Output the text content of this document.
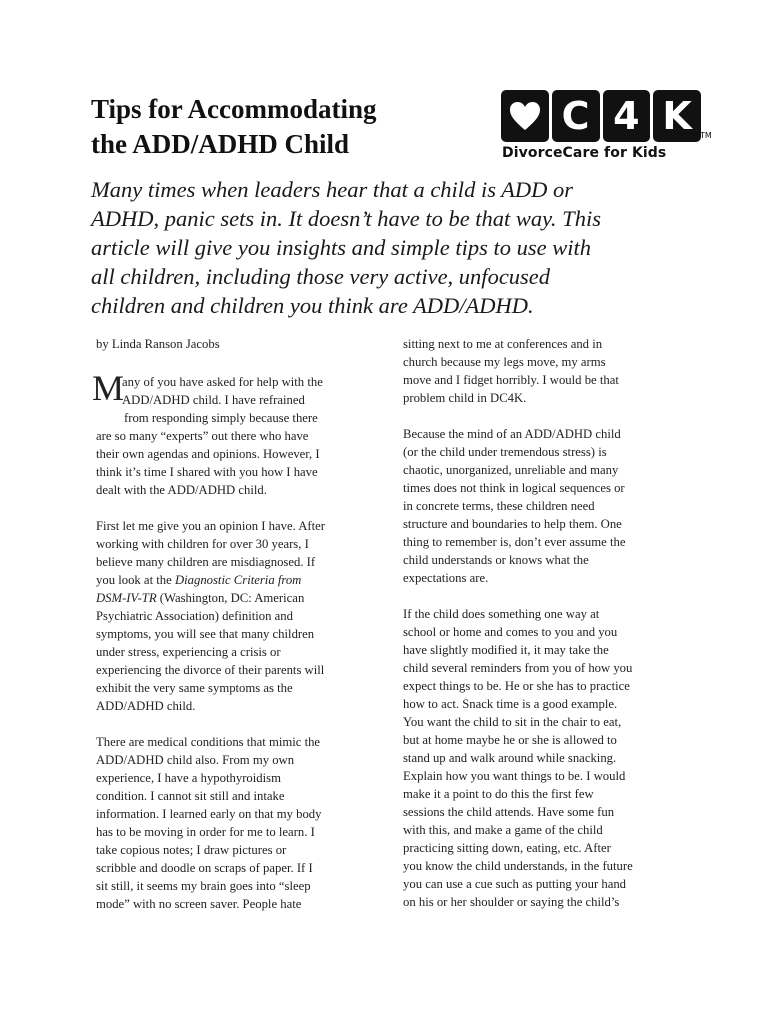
Tips for Accommodating
the ADD/ADHD Child
C 4 K	TM
DivorceCare for Kids

Many times when leaders hear that a child is ADD or
ADHD, panic sets in. It doesn’t have to be that way. This
article will give you insights and simple tips to use with
all children, including those very active, unfocused
children and children you think are ADD/ADHD.

by Linda Ranson Jacobs
M
any of you have asked for help with the
ADD/ADHD child. I have refrained
from responding simply because there
are so many “experts” out there who have
their own agendas and opinions. However, I
think it’s time I shared with you how I have
dealt with the ADD/ADHD child.
First let me give you an opinion I have. After
working with children for over 30 years, I
believe many children are misdiagnosed. If
you look at the Diagnostic Criteria from
DSM-IV-TR (Washington, DC: American
Psychiatric Association) definition and
symptoms, you will see that many children
under stress, experiencing a crisis or
experiencing the divorce of their parents will
exhibit the very same symptoms as the
ADD/ADHD child.
There are medical conditions that mimic the
ADD/ADHD child also. From my own
experience, I have a hypothyroidism
condition. I cannot sit still and intake
information. I learned early on that my body
has to be moving in order for me to learn. I
take copious notes; I draw pictures or
scribble and doodle on scraps of paper. If I
sit still, it seems my brain goes into “sleep
mode” with no screen saver. People hate
sitting next to me at conferences and in
church because my legs move, my arms
move and I fidget horribly. I would be that
problem child in DC4K.
Because the mind of an ADD/ADHD child
(or the child under tremendous stress) is
chaotic, unorganized, unreliable and many
times does not think in logical sequences or
in concrete terms, these children need
structure and boundaries to help them. One
thing to remember is, don’t ever assume the
child understands or knows what the
expectations are.
If the child does something one way at
school or home and comes to you and you
have slightly modified it, it may take the
child several reminders from you of how you
expect things to be. He or she has to practice
how to act. Snack time is a good example.
You want the child to sit in the chair to eat,
but at home maybe he or she is allowed to
stand up and walk around while snacking.
Explain how you want things to be. I would
make it a point to do this the first few
sessions the child attends. Have some fun
with this, and make a game of the child
practicing sitting down, eating, etc. After
you know the child understands, in the future
you can use a cue such as putting your hand
on his or her shoulder or saying the child’s
